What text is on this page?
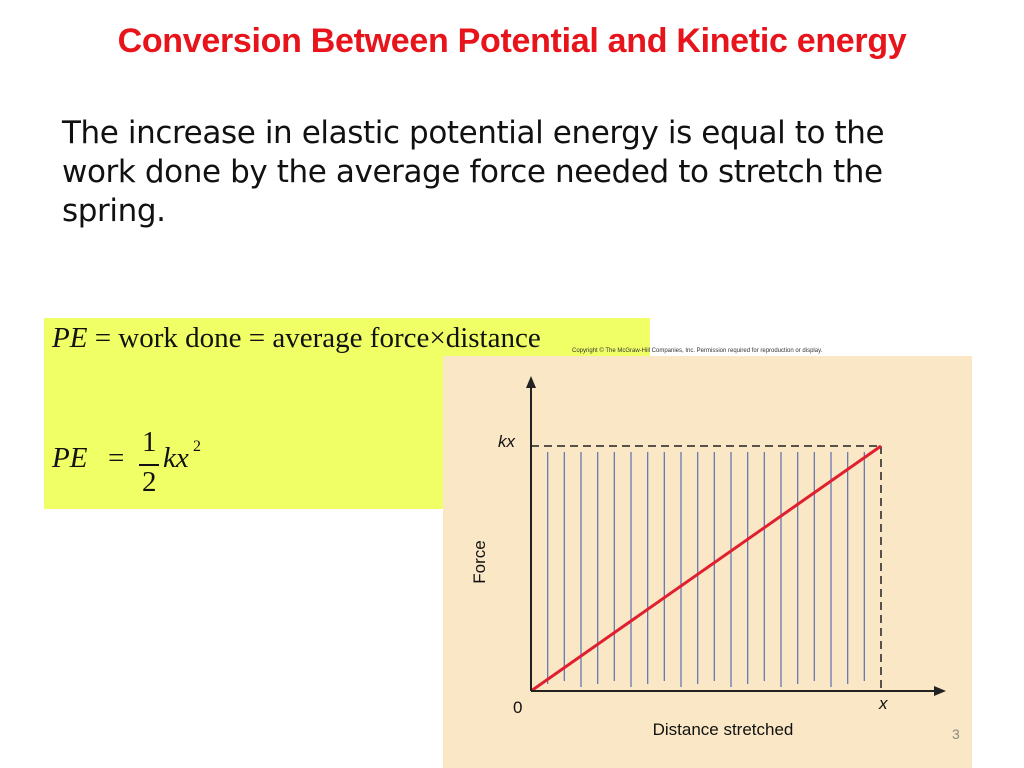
Conversion Between Potential and Kinetic energy
The increase in elastic potential energy is equal to the work done by the average force needed to stretch the spring.
PE = work done = average force×distance
PE = 1
2
kx 2
Copyright © The McGraw-Hill Companies, Inc. Permission required for reproduction or display.
kx
x
0
Force
Distance stretched	3
